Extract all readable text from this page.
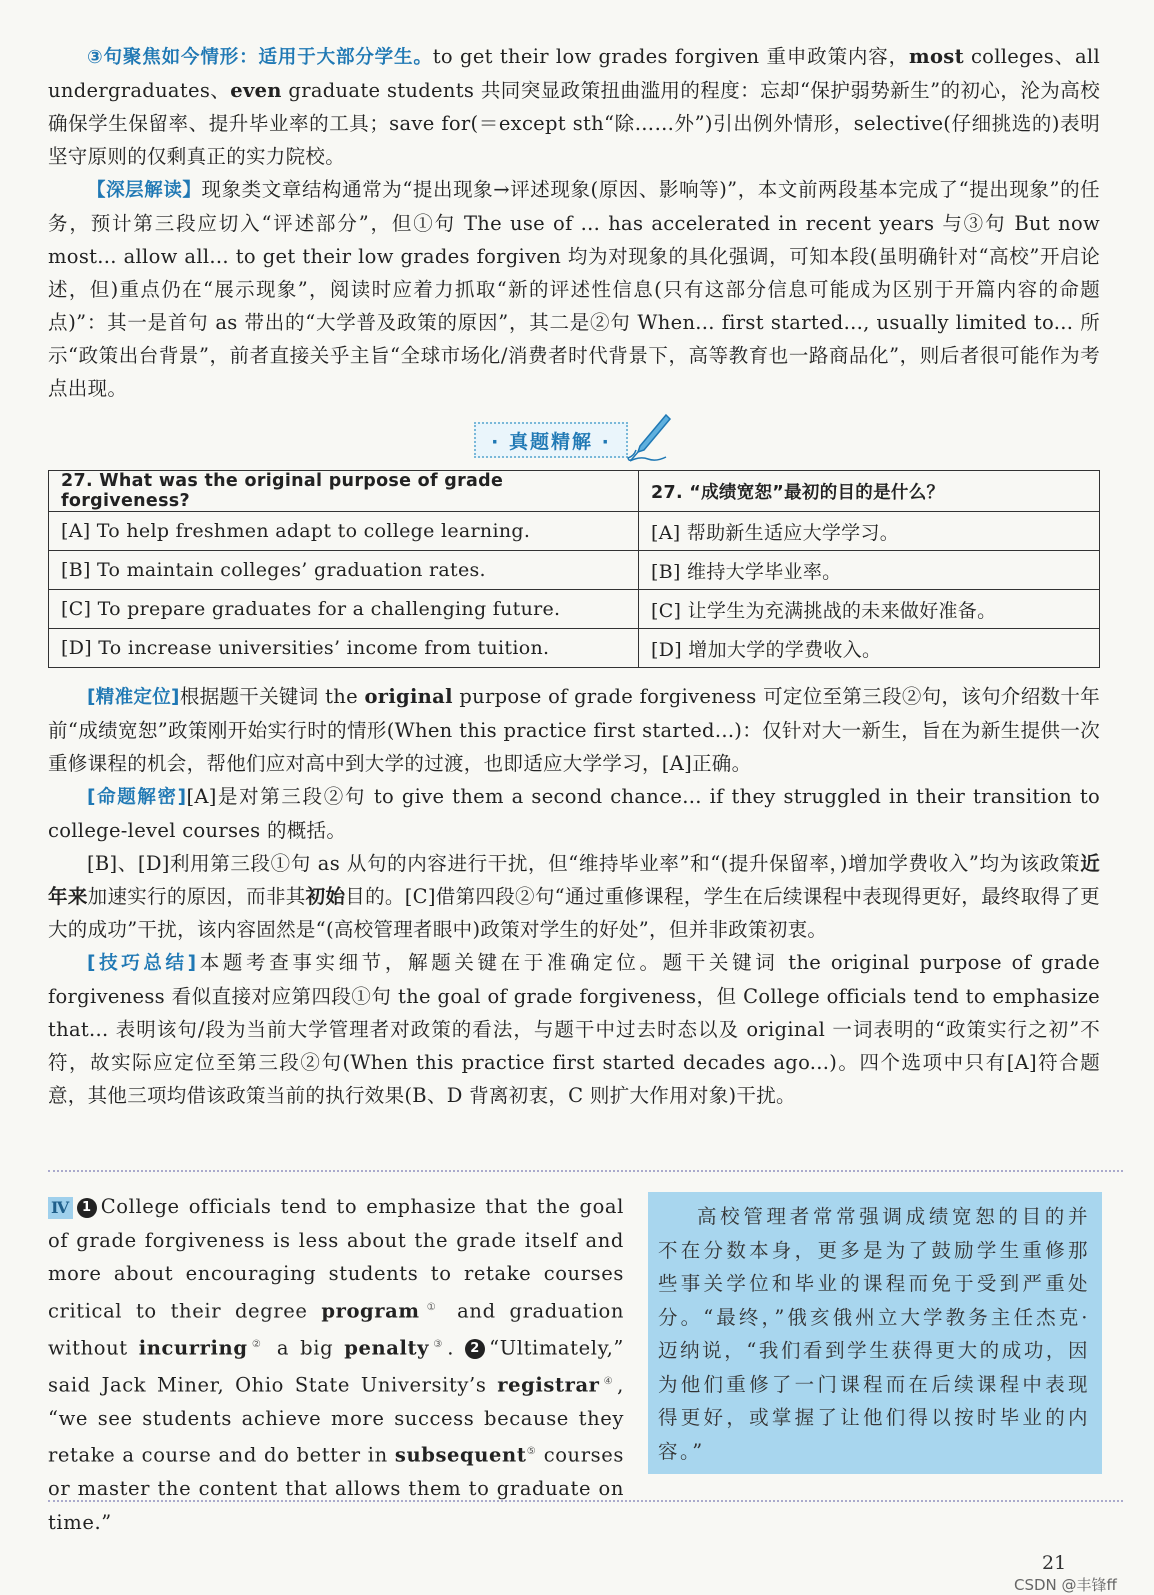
③句聚焦如今情形：适用于大部分学生。to get their low grades forgiven 重申政策内容，most colleges、all undergraduates、even graduate students 共同突显政策扭曲滥用的程度：忘却“保护弱势新生”的初心，沦为高校确保学生保留率、提升毕业率的工具；save for(＝except sth“除……外”)引出例外情形，selective(仔细挑选的)表明坚守原则的仅剩真正的实力院校。

【深层解读】现象类文章结构通常为“提出现象→评述现象(原因、影响等)”，本文前两段基本完成了“提出现象”的任务，预计第三段应切入“评述部分”，但①句 The use of ... has accelerated in recent years 与③句 But now most... allow all... to get their low grades forgiven 均为对现象的具化强调，可知本段(虽明确针对“高校”开启论述，但)重点仍在“展示现象”，阅读时应着力抓取“新的评述性信息(只有这部分信息可能成为区别于开篇内容的命题点)”：其一是首句 as 带出的“大学普及政策的原因”，其二是②句 When... first started..., usually limited to... 所示“政策出台背景”，前者直接关乎主旨“全球市场化/消费者时代背景下，高等教育也一路商品化”，则后者很可能作为考点出现。

· 真题精解 ·
27. What was the original purpose of grade forgiveness?	27. “成绩宽恕”最初的目的是什么？
[A] To help freshmen adapt to college learning.	[A] 帮助新生适应大学学习。
[B] To maintain colleges’ graduation rates.	[B] 维持大学毕业率。
[C] To prepare graduates for a challenging future.	[C] 让学生为充满挑战的未来做好准备。
[D] To increase universities’ income from tuition.	[D] 增加大学的学费收入。

[精准定位]根据题干关键词 the original purpose of grade forgiveness 可定位至第三段②句，该句介绍数十年前“成绩宽恕”政策刚开始实行时的情形(When this practice first started...)：仅针对大一新生，旨在为新生提供一次重修课程的机会，帮他们应对高中到大学的过渡，也即适应大学学习，[A]正确。

[命题解密][A]是对第三段②句 to give them a second chance... if they struggled in their transition to college-level courses 的概括。

[B]、[D]利用第三段①句 as 从句的内容进行干扰，但“维持毕业率”和“(提升保留率，)增加学费收入”均为该政策近年来加速实行的原因，而非其初始目的。[C]借第四段②句“通过重修课程，学生在后续课程中表现得更好，最终取得了更大的成功”干扰，该内容固然是“(高校管理者眼中)政策对学生的好处”，但并非政策初衷。

[技巧总结]本题考查事实细节，解题关键在于准确定位。题干关键词 the original purpose of grade forgiveness 看似直接对应第四段①句 the goal of grade forgiveness，但 College officials tend to emphasize that... 表明该句/段为当前大学管理者对政策的看法，与题干中过去时态以及 original 一词表明的“政策实行之初”不符，故实际应定位至第三段②句(When this practice first started decades ago...)。四个选项中只有[A]符合题意，其他三项均借该政策当前的执行效果(B、D 背离初衷，C 则扩大作用对象)干扰。

Ⅳ 1 College officials tend to emphasize that the goal of grade forgiveness is less about the grade itself and more about encouraging students to retake courses critical to their degree program① and graduation without incurring② a big penalty③. 2 “Ultimately,” said Jack Miner, Ohio State University’s registrar④, “we see students achieve more success because they retake a course and do better in subsequent⑤ courses or master the content that allows them to graduate on time.”

高校管理者常常强调成绩宽恕的目的并不在分数本身，更多是为了鼓励学生重修那些事关学位和毕业的课程而免于受到严重处分。“最终，”俄亥俄州立大学教务主任杰克·迈纳说，“我们看到学生获得更大的成功，因为他们重修了一门课程而在后续课程中表现得更好，或掌握了让他们得以按时毕业的内容。”

21
CSDN @丰锋ff
